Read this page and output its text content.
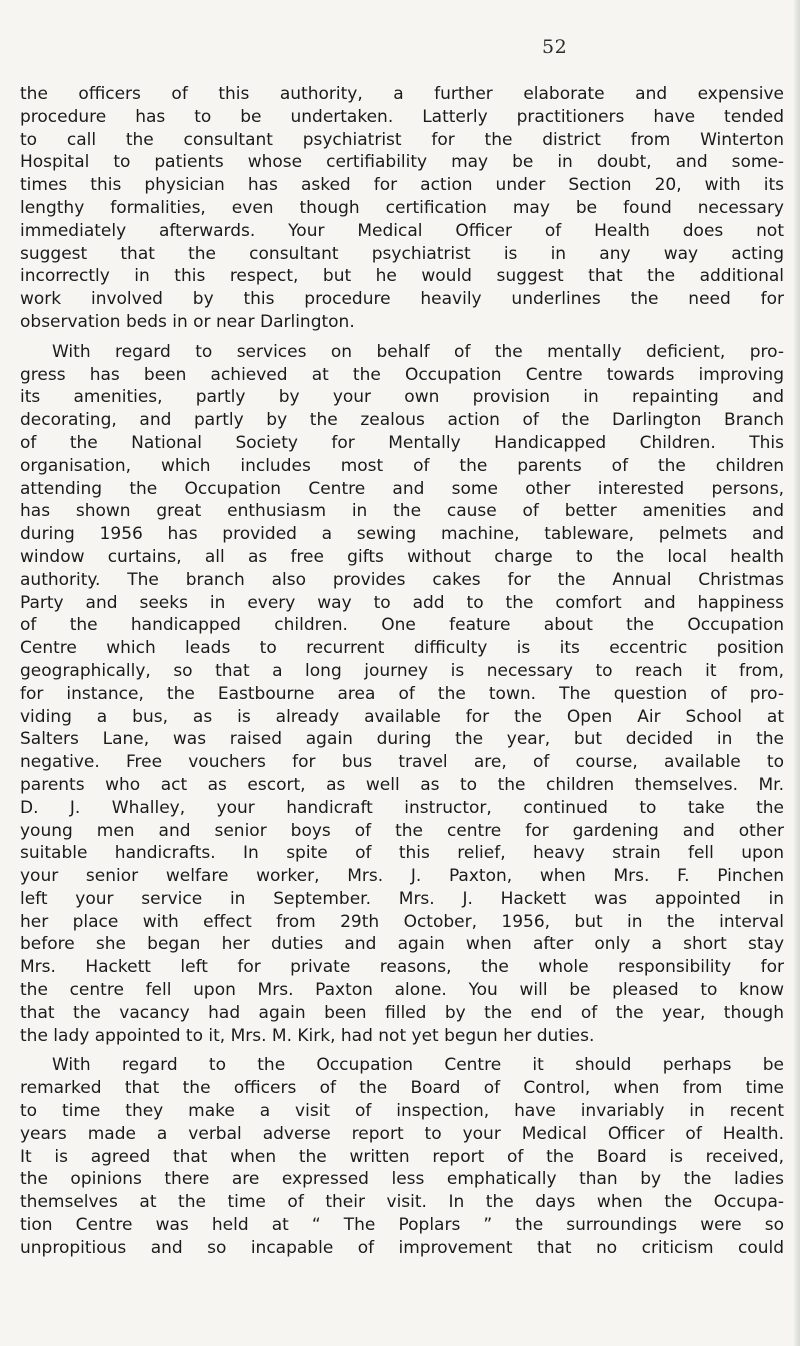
52
the officers of this authority, a further elaborate and expensive
procedure has to be undertaken. Latterly practitioners have tended
to call the consultant psychiatrist for the district from Winterton
Hospital to patients whose certifiability may be in doubt, and some-
times this physician has asked for action under Section 20, with its
lengthy formalities, even though certification may be found necessary
immediately afterwards. Your Medical Officer of Health does not
suggest that the consultant psychiatrist is in any way acting
incorrectly in this respect, but he would suggest that the additional
work involved by this procedure heavily underlines the need for
observation beds in or near Darlington.
With regard to services on behalf of the mentally deficient, pro-
gress has been achieved at the Occupation Centre towards improving
its amenities, partly by your own provision in repainting and
decorating, and partly by the zealous action of the Darlington Branch
of the National Society for Mentally Handicapped Children. This
organisation, which includes most of the parents of the children
attending the Occupation Centre and some other interested persons,
has shown great enthusiasm in the cause of better amenities and
during 1956 has provided a sewing machine, tableware, pelmets and
window curtains, all as free gifts without charge to the local health
authority. The branch also provides cakes for the Annual Christmas
Party and seeks in every way to add to the comfort and happiness
of the handicapped children. One feature about the Occupation
Centre which leads to recurrent difficulty is its eccentric position
geographically, so that a long journey is necessary to reach it from,
for instance, the Eastbourne area of the town. The question of pro-
viding a bus, as is already available for the Open Air School at
Salters Lane, was raised again during the year, but decided in the
negative. Free vouchers for bus travel are, of course, available to
parents who act as escort, as well as to the children themselves. Mr.
D. J. Whalley, your handicraft instructor, continued to take the
young men and senior boys of the centre for gardening and other
suitable handicrafts. In spite of this relief, heavy strain fell upon
your senior welfare worker, Mrs. J. Paxton, when Mrs. F. Pinchen
left your service in September. Mrs. J. Hackett was appointed in
her place with effect from 29th October, 1956, but in the interval
before she began her duties and again when after only a short stay
Mrs. Hackett left for private reasons, the whole responsibility for
the centre fell upon Mrs. Paxton alone. You will be pleased to know
that the vacancy had again been filled by the end of the year, though
the lady appointed to it, Mrs. M. Kirk, had not yet begun her duties.
With regard to the Occupation Centre it should perhaps be
remarked that the officers of the Board of Control, when from time
to time they make a visit of inspection, have invariably in recent
years made a verbal adverse report to your Medical Officer of Health.
It is agreed that when the written report of the Board is received,
the opinions there are expressed less emphatically than by the ladies
themselves at the time of their visit. In the days when the Occupa-
tion Centre was held at “ The Poplars ” the surroundings were so
unpropitious and so incapable of improvement that no criticism could
